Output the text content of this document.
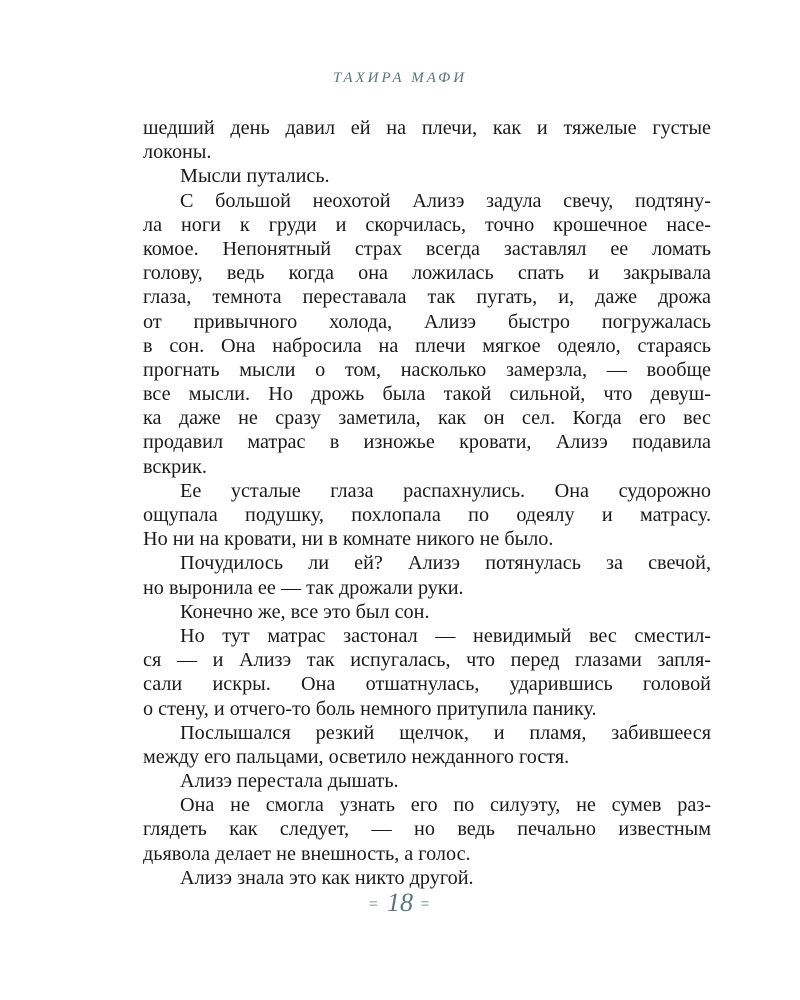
ТАХИРА МАФИ
шедший день давил ей на плечи, как и тяжелые густые
локоны.
Мысли путались.
С большой неохотой Ализэ задула свечу, подтяну-
ла ноги к груди и скорчилась, точно крошечное насе-
комое. Непонятный страх всегда заставлял ее ломать
голову, ведь когда она ложилась спать и закрывала
глаза, темнота переставала так пугать, и, даже дрожа
от привычного холода, Ализэ быстро погружалась
в сон. Она набросила на плечи мягкое одеяло, стараясь
прогнать мысли о том, насколько замерзла, — вообще
все мысли. Но дрожь была такой сильной, что девуш-
ка даже не сразу заметила, как он сел. Когда его вес
продавил матрас в изножье кровати, Ализэ подавила
вскрик.
Ее усталые глаза распахнулись. Она судорожно
ощупала подушку, похлопала по одеялу и матрасу.
Но ни на кровати, ни в комнате никого не было.
Почудилось ли ей? Ализэ потянулась за свечой,
но выронила ее — так дрожали руки.
Конечно же, все это был сон.
Но тут матрас застонал — невидимый вес сместил-
ся — и Ализэ так испугалась, что перед глазами запля-
сали искры. Она отшатнулась, ударившись головой
о стену, и отчего-то боль немного притупила панику.
Послышался резкий щелчок, и пламя, забившееся
между его пальцами, осветило нежданного гостя.
Ализэ перестала дышать.
Она не смогла узнать его по силуэту, не сумев раз-
глядеть как следует, — но ведь печально известным
дьявола делает не внешность, а голос.
Ализэ знала это как никто другой.
= 18 =
